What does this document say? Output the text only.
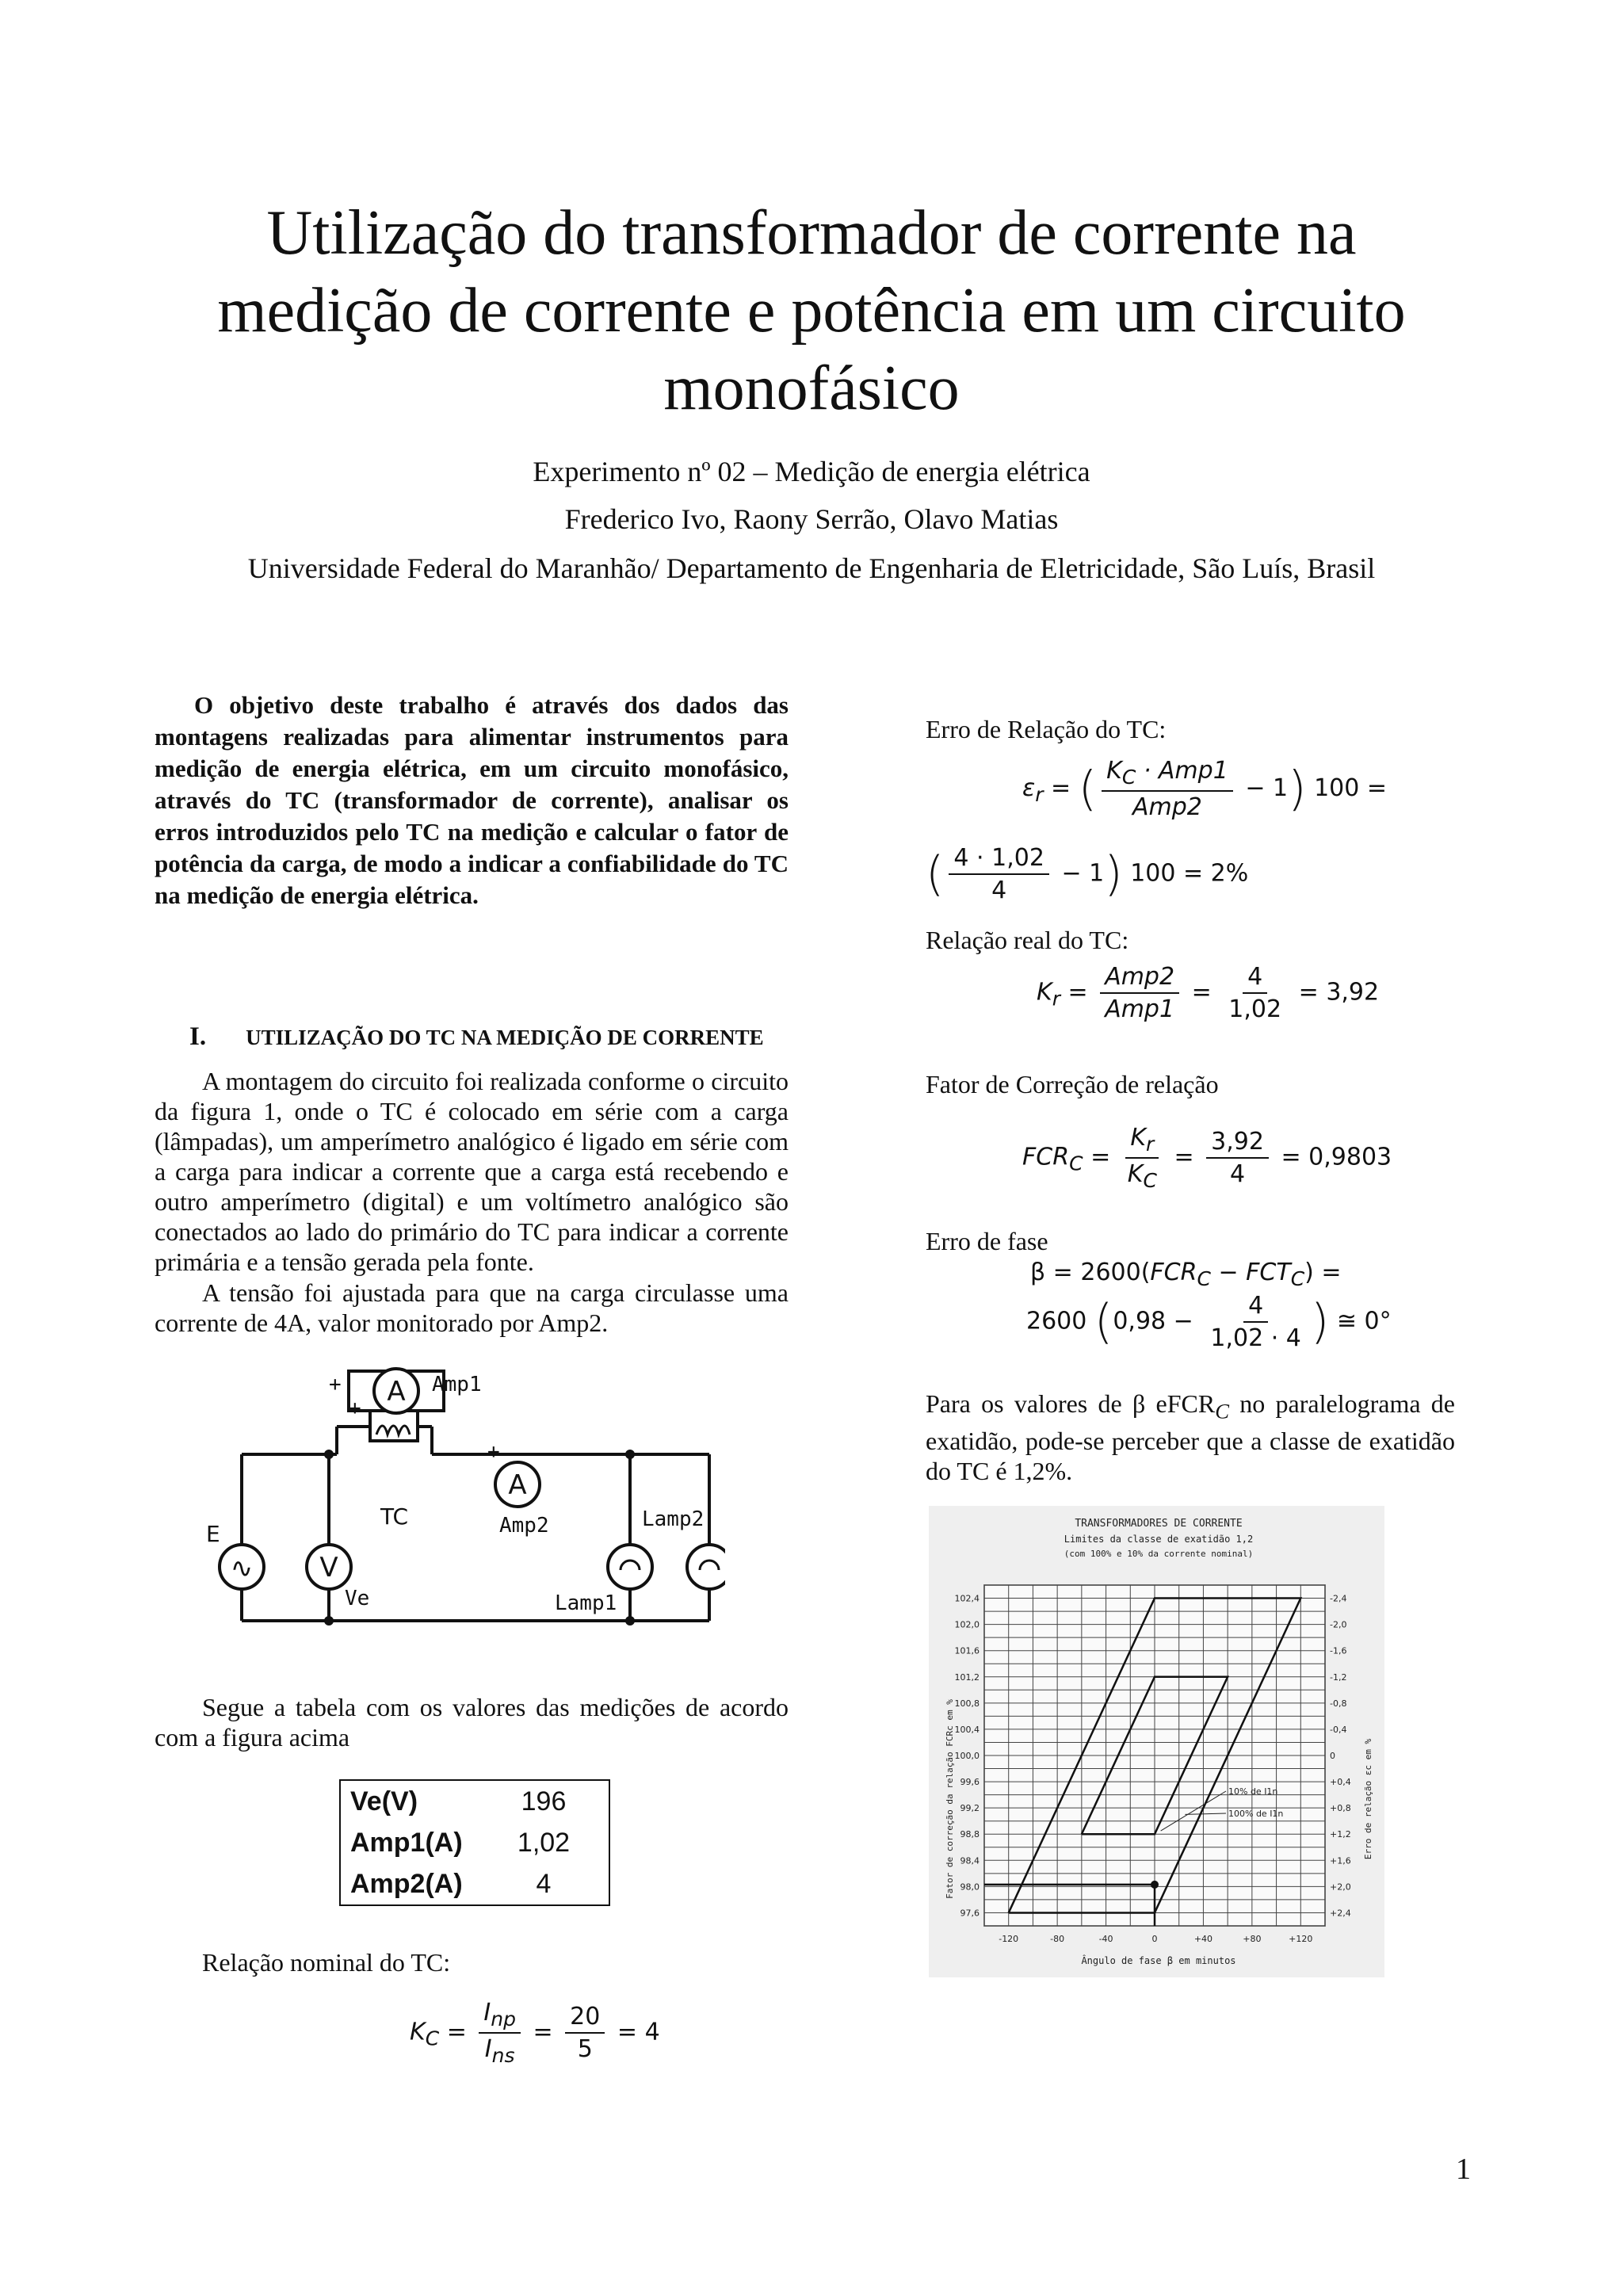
Utilização do transformador de corrente na
medição de corrente e potência em um circuito
monofásico
Experimento nº 02 – Medição de energia elétrica
Frederico Ivo, Raony Serrão, Olavo Matias
Universidade Federal do Maranhão/ Departamento de Engenharia de Eletricidade, São Luís, Brasil
O objetivo deste trabalho é através dos dados das montagens realizadas para alimentar instrumentos para medição de energia elétrica, em um circuito monofásico, através do TC (transformador de corrente), analisar os erros introduzidos pelo TC na medição e calcular o fator de potência da carga, de modo a indicar a confiabilidade do TC na medição de energia elétrica.
I. UTILIZAÇÃO DO TC NA MEDIÇÃO DE CORRENTE
A montagem do circuito foi realizada conforme o circuito da figura 1, onde o TC é colocado em série com a carga (lâmpadas), um amperímetro analógico é ligado em série com a carga para indicar a corrente que a carga está recebendo e outro amperímetro (digital) e um voltímetro analógico são conectados ao lado do primário do TC para indicar a corrente primária e a tensão gerada pela fonte.
A tensão foi ajustada para que na carga circulasse uma corrente de 4A, valor monitorado por Amp2.
∿ V
A
A
Amp1
Amp2
Ve	Lamp1
Lamp2
+
+
+
TC
E
Segue a tabela com os valores das medições de acordo com a figura acima
Ve(V)	196
Amp1(A)	1,02
Amp2(A)	4
Relação nominal do TC:
$K_C = \frac{I_{np}}{I_{ns}} = \frac{20}{5} = 4$
Erro de Relação do TC:
$\varepsilon_r$ = ( $\frac{K_C \cdot Amp1}{\text{Amp2}} - 1$) 100 =
( $\frac{4 \cdot 1,02}{4} - 1$) 100 = 2%
Relação real do TC:
$K_r = \frac{\text{Amp2}}{\text{Amp1}} = \frac{4}{1,02} = 3,92$
Fator de Correção de relação
$FCR_C = \frac{K_r}{K_C} = \frac{3,92}{4} = 0,9803$
Erro de fase
$\beta = 2600(FCR_C - FCT_C)$ =
2600 ($0,98 - \frac{4}{1,02 \cdot 4}$ ) ≅ 0°
Para os valores de β eFCR$_C$ no paralelograma de exatidão, pode-se perceber que a classe de exatidão do TC é 1,2%.
TRANSFORMADORES DE CORRENTE
Limites da classe de exatidão 1,2
(com 100% e 10% da corrente nominal)
Ângulo de fase β em minutos
Fator de correção da relação FCRc em %	Erro de relação εc em %
-120	-80	-40	0	+40	+80	+120
102,4
102,0
101,6
101,2
100,8
100,4
100,0
99,6
99,2
98,8
98,4
98,0
97,6
-2,4
-2,0
-1,6
-1,2
-0,8
-0,4
0
+0,4
+0,8
+1,2
+1,6
+2,0
+2,4
10% de I1n
100% de I1n
1
